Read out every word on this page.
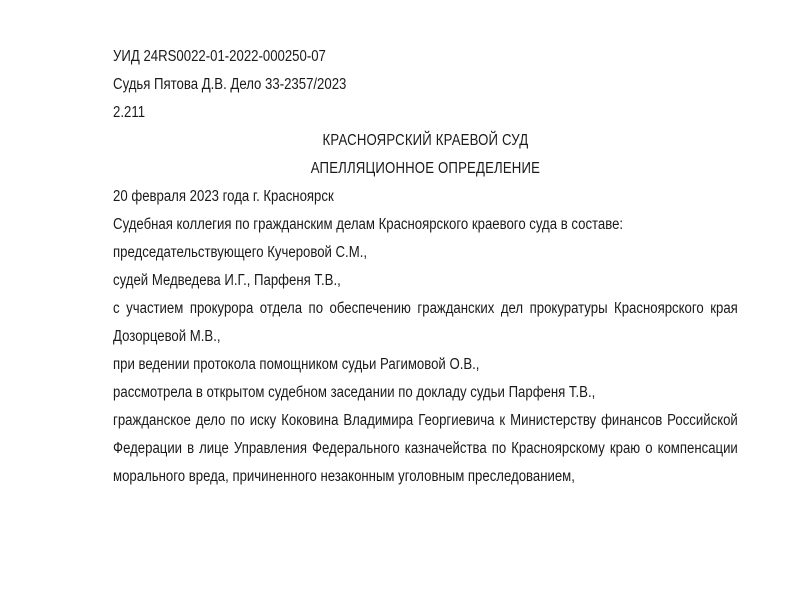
УИД 24RS0022-01-2022-000250-07

Судья Пятова Д.В. Дело 33-2357/2023

2.211

КРАСНОЯРСКИЙ КРАЕВОЙ СУД

АПЕЛЛЯЦИОННОЕ ОПРЕДЕЛЕНИЕ

20 февраля 2023 года г. Красноярск

Судебная коллегия по гражданским делам Красноярского краевого суда в составе:

председательствующего Кучеровой С.М.,

судей Медведева И.Г., Парфеня Т.В.,

с участием прокурора отдела по обеспечению гражданских дел прокуратуры Красноярского края Дозорцевой М.В.,

при ведении протокола помощником судьи Рагимовой О.В.,

рассмотрела в открытом судебном заседании по докладу судьи Парфеня Т.В.,

гражданское дело по иску Коковина Владимира Георгиевича к Министерству финансов Российской Федерации в лице Управления Федерального казначейства по Красноярскому краю о компенсации морального вреда, причиненного незаконным уголовным преследованием,
